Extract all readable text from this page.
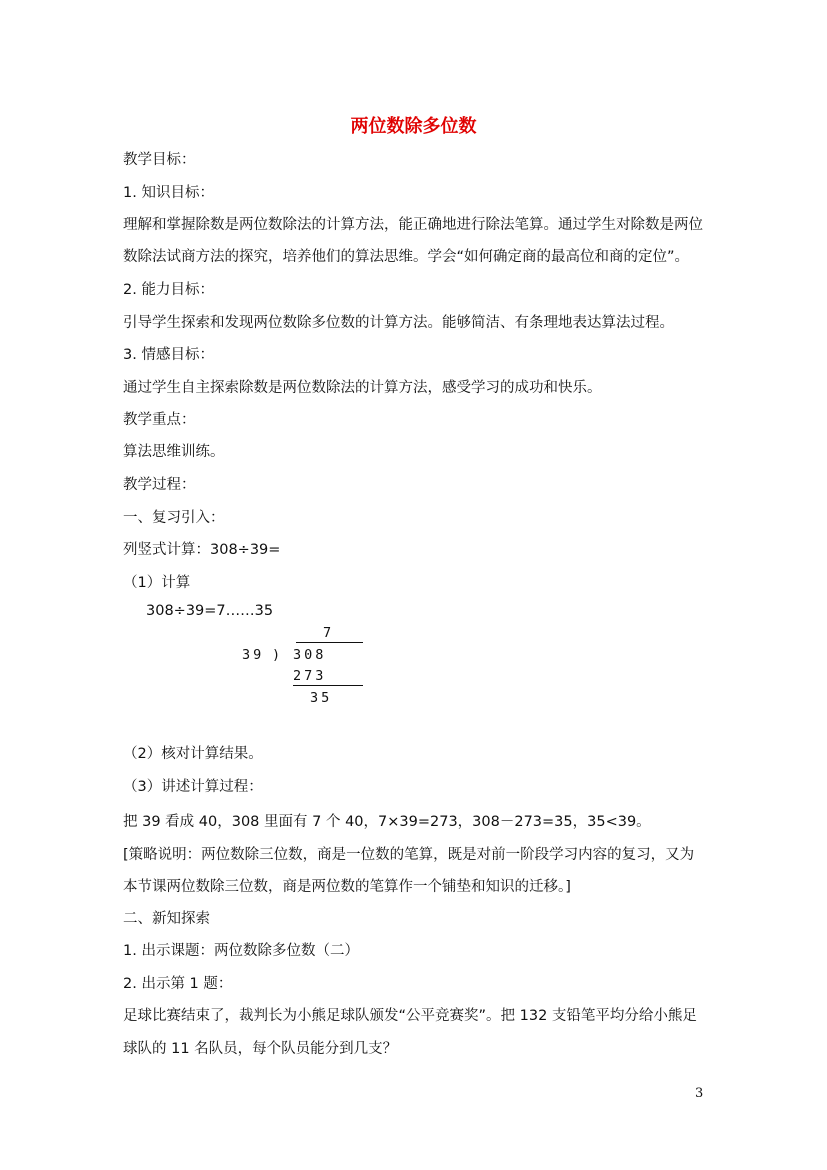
两位数除多位数
教学目标：
1. 知识目标：
理解和掌握除数是两位数除法的计算方法，能正确地进行除法笔算。通过学生对除数是两位
数除法试商方法的探究，培养他们的算法思维。学会“如何确定商的最高位和商的定位”。
2. 能力目标：
引导学生探索和发现两位数除多位数的计算方法。能够简洁、有条理地表达算法过程。
3. 情感目标：
通过学生自主探索除数是两位数除法的计算方法，感受学习的成功和快乐。
教学重点：
算法思维训练。
教学过程：
一、复习引入：
列竖式计算：308÷39=
（1）计算
308÷39=7……35
7
39 ) 308
273
35
（2）核对计算结果。
（3）讲述计算过程：
把 39 看成 40，308 里面有 7 个 40，7×39=273，308－273=35，35<39。
[策略说明：两位数除三位数，商是一位数的笔算，既是对前一阶段学习内容的复习，又为
本节课两位数除三位数，商是两位数的笔算作一个铺垫和知识的迁移。]
二、新知探索
1. 出示课题：两位数除多位数（二）
2. 出示第 1 题：
足球比赛结束了，裁判长为小熊足球队颁发“公平竞赛奖”。把 132 支铅笔平均分给小熊足
球队的 11 名队员，每个队员能分到几支？
3
